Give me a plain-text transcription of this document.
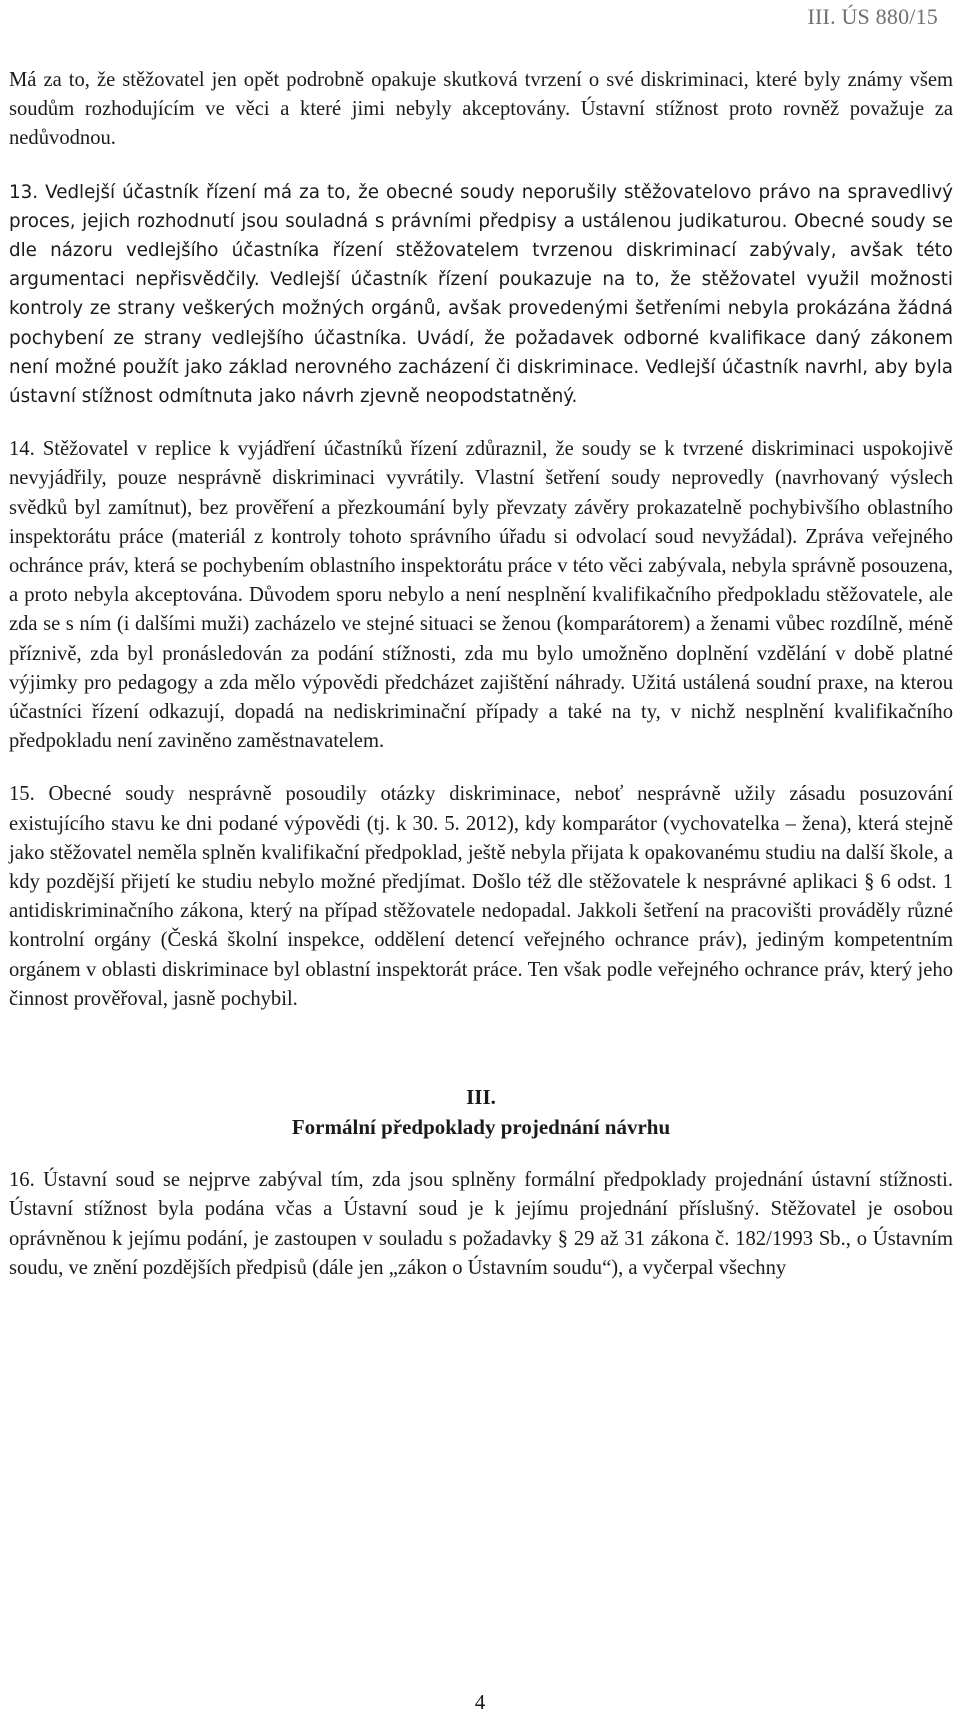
III. ÚS 880/15

Má za to, že stěžovatel jen opět podrobně opakuje skutková tvrzení o své diskriminaci, které byly známy všem soudům rozhodujícím ve věci a které jimi nebyly akceptovány. Ústavní stížnost proto rovněž považuje za nedůvodnou.

13. Vedlejší účastník řízení má za to, že obecné soudy neporušily stěžovatelovo právo na spravedlivý proces, jejich rozhodnutí jsou souladná s právními předpisy a ustálenou judikaturou. Obecné soudy se dle názoru vedlejšího účastníka řízení stěžovatelem tvrzenou diskriminací zabývaly, avšak této argumentaci nepřisvědčily. Vedlejší účastník řízení poukazuje na to, že stěžovatel využil možnosti kontroly ze strany veškerých možných orgánů, avšak provedenými šetřeními nebyla prokázána žádná pochybení ze strany vedlejšího účastníka. Uvádí, že požadavek odborné kvalifikace daný zákonem není možné použít jako základ nerovného zacházení či diskriminace. Vedlejší účastník navrhl, aby byla ústavní stížnost odmítnuta jako návrh zjevně neopodstatněný.

14. Stěžovatel v replice k vyjádření účastníků řízení zdůraznil, že soudy se k tvrzené diskriminaci uspokojivě nevyjádřily, pouze nesprávně diskriminaci vyvrátily. Vlastní šetření soudy neprovedly (navrhovaný výslech svědků byl zamítnut), bez prověření a přezkoumání byly převzaty závěry prokazatelně pochybivšího oblastního inspektorátu práce (materiál z kontroly tohoto správního úřadu si odvolací soud nevyžádal). Zpráva veřejného ochránce práv, která se pochybením oblastního inspektorátu práce v této věci zabývala, nebyla správně posouzena, a proto nebyla akceptována. Důvodem sporu nebylo a není nesplnění kvalifikačního předpokladu stěžovatele, ale zda se s ním (i dalšími muži) zacházelo ve stejné situaci se ženou (komparátorem) a ženami vůbec rozdílně, méně příznivě, zda byl pronásledován za podání stížnosti, zda mu bylo umožněno doplnění vzdělání v době platné výjimky pro pedagogy a zda mělo výpovědi předcházet zajištění náhrady. Užitá ustálená soudní praxe, na kterou účastníci řízení odkazují, dopadá na nediskriminační případy a také na ty, v nichž nesplnění kvalifikačního předpokladu není zaviněno zaměstnavatelem.

15. Obecné soudy nesprávně posoudily otázky diskriminace, neboť nesprávně užily zásadu posuzování existujícího stavu ke dni podané výpovědi (tj. k 30. 5. 2012), kdy komparátor (vychovatelka – žena), která stejně jako stěžovatel neměla splněn kvalifikační předpoklad, ještě nebyla přijata k opakovanému studiu na další škole, a kdy pozdější přijetí ke studiu nebylo možné předjímat. Došlo též dle stěžovatele k nesprávné aplikaci § 6 odst. 1 antidiskriminačního zákona, který na případ stěžovatele nedopadal. Jakkoli šetření na pracovišti prováděly různé kontrolní orgány (Česká školní inspekce, oddělení detencí veřejného ochrance práv), jediným kompetentním orgánem v oblasti diskriminace byl oblastní inspektorát práce. Ten však podle veřejného ochrance práv, který jeho činnost prověřoval, jasně pochybil.

III.

Formální předpoklady projednání návrhu

16. Ústavní soud se nejprve zabýval tím, zda jsou splněny formální předpoklady projednání ústavní stížnosti. Ústavní stížnost byla podána včas a Ústavní soud je k jejímu projednání příslušný. Stěžovatel je osobou oprávněnou k jejímu podání, je zastoupen v souladu s požadavky § 29 až 31 zákona č. 182/1993 Sb., o Ústavním soudu, ve znění pozdějších předpisů (dále jen „zákon o Ústavním soudu“), a vyčerpal všechny

4
